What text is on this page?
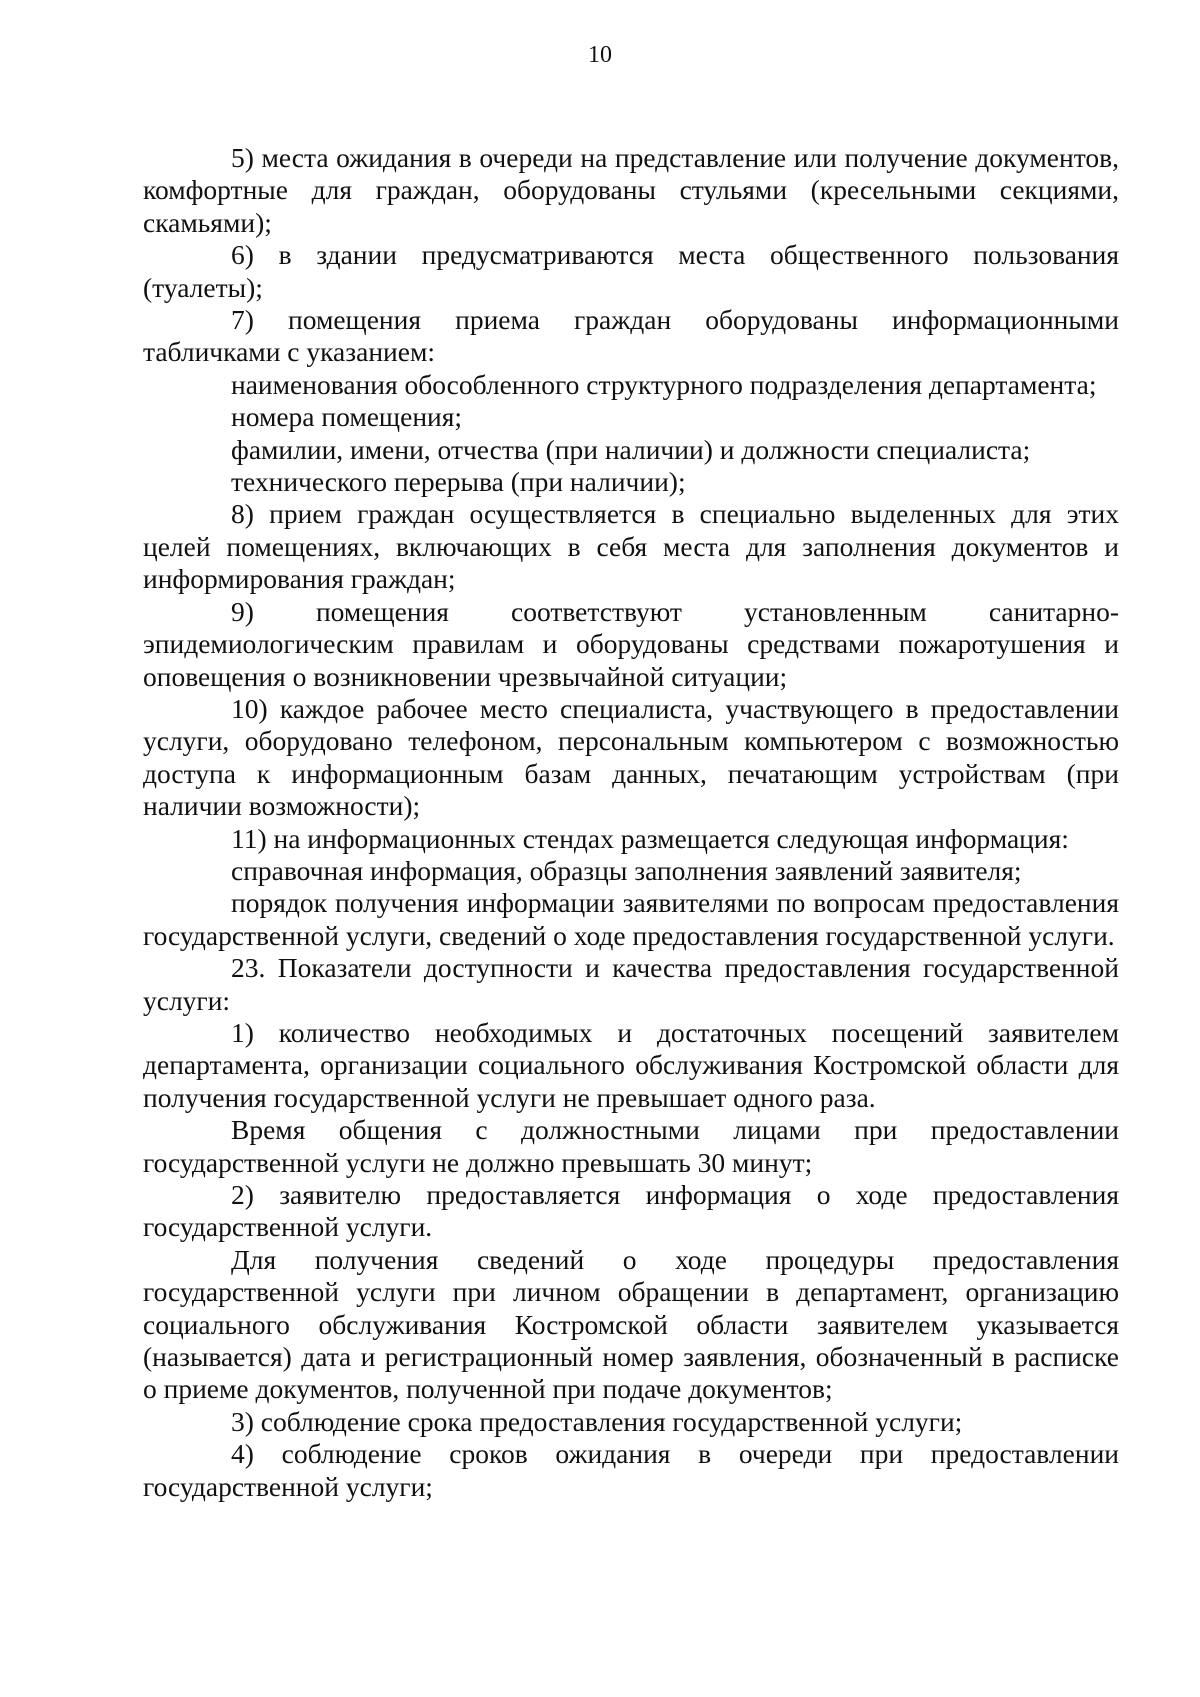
10

5) места ожидания в очереди на представление или получение документов, комфортные для граждан, оборудованы стульями (кресельными секциями, скамьями);

6) в здании предусматриваются места общественного пользования (туалеты);

7) помещения приема граждан оборудованы информационными табличками с указанием:

наименования обособленного структурного подразделения департамента;

номера помещения;

фамилии, имени, отчества (при наличии) и должности специалиста;

технического перерыва (при наличии);

8) прием граждан осуществляется в специально выделенных для этих целей помещениях, включающих в себя места для заполнения документов и информирования граждан;

9) помещения соответствуют установленным санитарно-эпидемиологическим правилам и оборудованы средствами пожаротушения и оповещения о возникновении чрезвычайной ситуации;

10) каждое рабочее место специалиста, участвующего в предоставлении услуги, оборудовано телефоном, персональным компьютером с возможностью доступа к информационным базам данных, печатающим устройствам (при наличии возможности);

11) на информационных стендах размещается следующая информация:

справочная информация, образцы заполнения заявлений заявителя;

порядок получения информации заявителями по вопросам предоставления государственной услуги, сведений о ходе предоставления государственной услуги.

23. Показатели доступности и качества предоставления государственной услуги:

1) количество необходимых и достаточных посещений заявителем департамента, организации социального обслуживания Костромской области для получения государственной услуги не превышает одного раза.

Время общения с должностными лицами при предоставлении государственной услуги не должно превышать 30 минут;

2) заявителю предоставляется информация о ходе предоставления государственной услуги.

Для получения сведений о ходе процедуры предоставления государственной услуги при личном обращении в департамент, организацию социального обслуживания Костромской области заявителем указывается (называется) дата и регистрационный номер заявления, обозначенный в расписке о приеме документов, полученной при подаче документов;

3) соблюдение срока предоставления государственной услуги;

4) соблюдение сроков ожидания в очереди при предоставлении государственной услуги;
